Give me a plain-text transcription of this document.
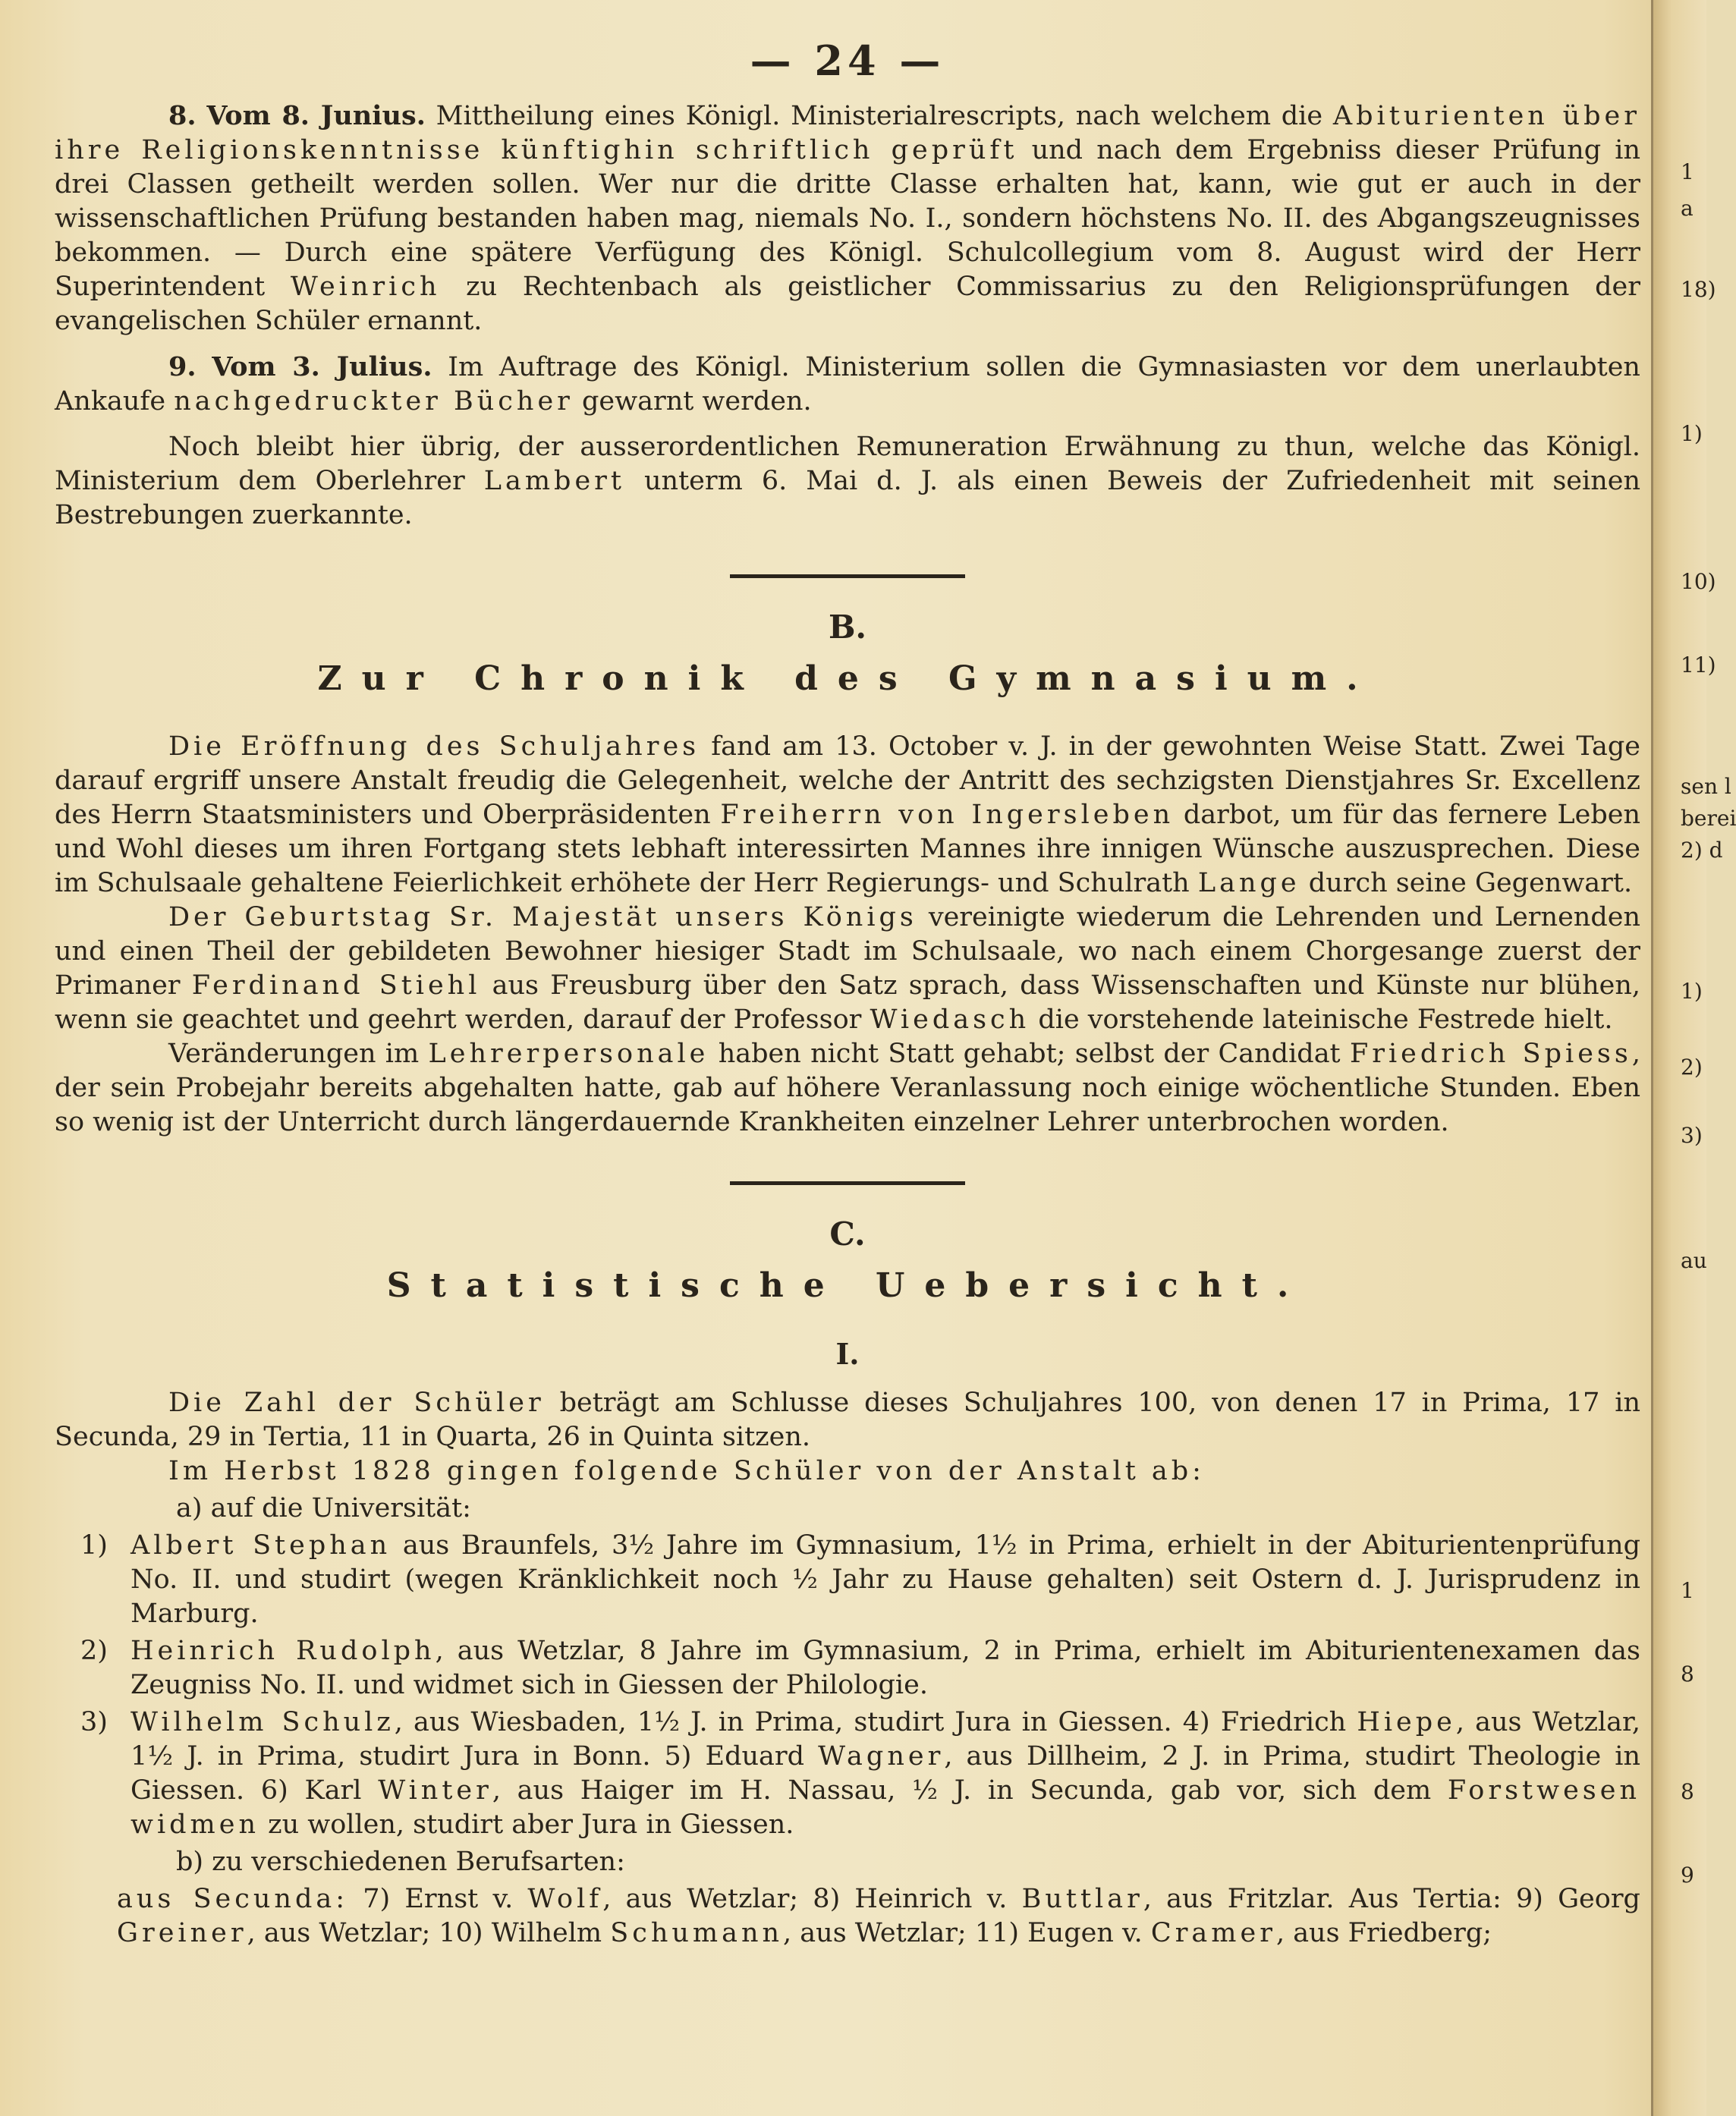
1
a
18)
1)
10)
11)
sen l
berei
2) d
1)
2)
3)
au
1
8
8
9
— 24 —

8. Vom 8. Junius. Mittheilung eines Königl. Ministerialrescripts, nach welchem die Abiturienten über ihre Religionskenntnisse künftighin schriftlich geprüft und nach dem Ergebniss dieser Prüfung in drei Classen getheilt werden sollen. Wer nur die dritte Classe erhalten hat, kann, wie gut er auch in der wissenschaftlichen Prüfung bestanden haben mag, niemals No. I., sondern höchstens No. II. des Abgangszeugnisses bekommen. — Durch eine spätere Verfügung des Königl. Schulcollegium vom 8. August wird der Herr Superintendent Weinrich zu Rechtenbach als geistlicher Commissarius zu den Religionsprüfungen der evangelischen Schüler ernannt.

9. Vom 3. Julius. Im Auftrage des Königl. Ministerium sollen die Gymnasiasten vor dem unerlaubten Ankaufe nachgedruckter Bücher gewarnt werden.

Noch bleibt hier übrig, der ausserordentlichen Remuneration Erwähnung zu thun, welche das Königl. Ministerium dem Oberlehrer Lambert unterm 6. Mai d. J. als einen Beweis der Zufriedenheit mit seinen Bestrebungen zuerkannte.

B.
Zur Chronik des Gymnasium.

Die Eröffnung des Schuljahres fand am 13. October v. J. in der gewohnten Weise Statt. Zwei Tage darauf ergriff unsere Anstalt freudig die Gelegenheit, welche der Antritt des sechzigsten Dienstjahres Sr. Excellenz des Herrn Staatsministers und Oberpräsidenten Freiherrn von Ingersleben darbot, um für das fernere Leben und Wohl dieses um ihren Fortgang stets lebhaft interessirten Mannes ihre innigen Wünsche auszusprechen. Diese im Schulsaale gehaltene Feierlichkeit erhöhete der Herr Regierungs- und Schulrath Lange durch seine Gegenwart.

Der Geburtstag Sr. Majestät unsers Königs vereinigte wiederum die Lehrenden und Lernenden und einen Theil der gebildeten Bewohner hiesiger Stadt im Schulsaale, wo nach einem Chorgesange zuerst der Primaner Ferdinand Stiehl aus Freusburg über den Satz sprach, dass Wissenschaften und Künste nur blühen, wenn sie geachtet und geehrt werden, darauf der Professor Wiedasch die vorstehende lateinische Festrede hielt.

Veränderungen im Lehrerpersonale haben nicht Statt gehabt; selbst der Candidat Friedrich Spiess, der sein Probejahr bereits abgehalten hatte, gab auf höhere Veranlassung noch einige wöchentliche Stunden. Eben so wenig ist der Unterricht durch längerdauernde Krankheiten einzelner Lehrer unterbrochen worden.

C.
Statistische Uebersicht.
I.

Die Zahl der Schüler beträgt am Schlusse dieses Schuljahres 100, von denen 17 in Prima, 17 in Secunda, 29 in Tertia, 11 in Quarta, 26 in Quinta sitzen.

Im Herbst 1828 gingen folgende Schüler von der Anstalt ab:

a) auf die Universität:
1) Albert Stephan aus Braunfels, 3½ Jahre im Gymnasium, 1½ in Prima, erhielt in der Abiturientenprüfung No. II. und studirt (wegen Kränklichkeit noch ½ Jahr zu Hause gehalten) seit Ostern d. J. Jurisprudenz in Marburg.
2) Heinrich Rudolph, aus Wetzlar, 8 Jahre im Gymnasium, 2 in Prima, erhielt im Abiturientenexamen das Zeugniss No. II. und widmet sich in Giessen der Philologie.
3) Wilhelm Schulz, aus Wiesbaden, 1½ J. in Prima, studirt Jura in Giessen. 4) Friedrich Hiepe, aus Wetzlar, 1½ J. in Prima, studirt Jura in Bonn. 5) Eduard Wagner, aus Dillheim, 2 J. in Prima, studirt Theologie in Giessen. 6) Karl Winter, aus Haiger im H. Nassau, ½ J. in Secunda, gab vor, sich dem Forstwesen widmen zu wollen, studirt aber Jura in Giessen.
b) zu verschiedenen Berufsarten:
aus Secunda: 7) Ernst v. Wolf, aus Wetzlar; 8) Heinrich v. Buttlar, aus Fritzlar. Aus Tertia: 9) Georg Greiner, aus Wetzlar; 10) Wilhelm Schumann, aus Wetzlar; 11) Eugen v. Cramer, aus Friedberg;
